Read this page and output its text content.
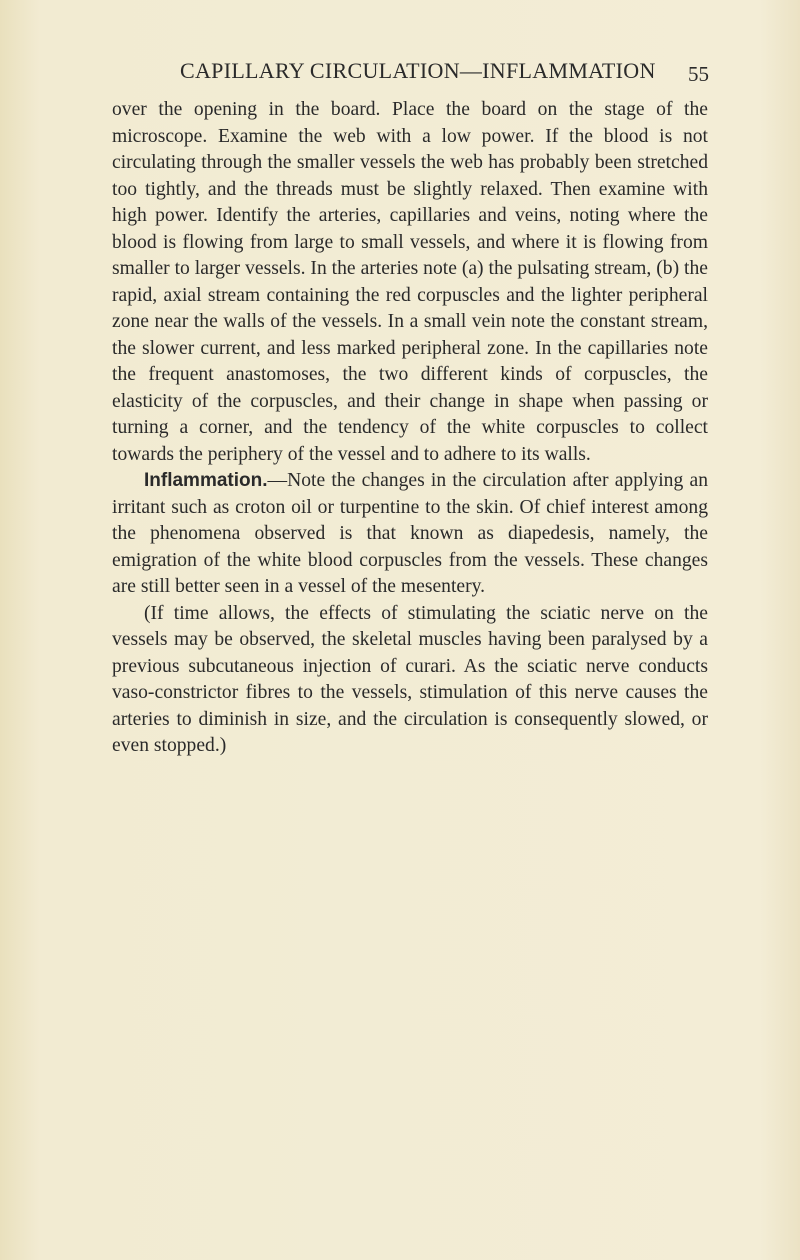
CAPILLARY CIRCULATION—INFLAMMATION 55

over the opening in the board. Place the board on the stage of the microscope. Examine the web with a low power. If the blood is not circulating through the smaller vessels the web has probably been stretched too tightly, and the threads must be slightly relaxed. Then examine with high power. Identify the arteries, capillaries and veins, noting where the blood is flowing from large to small vessels, and where it is flowing from smaller to larger vessels. In the arteries note (a) the pulsating stream, (b) the rapid, axial stream containing the red corpuscles and the lighter peripheral zone near the walls of the vessels. In a small vein note the constant stream, the slower current, and less marked peripheral zone. In the capillaries note the frequent anastomoses, the two different kinds of corpuscles, the elasticity of the corpuscles, and their change in shape when passing or turning a corner, and the tendency of the white corpuscles to collect towards the periphery of the vessel and to adhere to its walls.

Inflammation.—Note the changes in the circulation after applying an irritant such as croton oil or turpentine to the skin. Of chief interest among the phenomena observed is that known as diapedesis, namely, the emigration of the white blood corpuscles from the vessels. These changes are still better seen in a vessel of the mesentery.

(If time allows, the effects of stimulating the sciatic nerve on the vessels may be observed, the skeletal muscles having been paralysed by a previous subcutaneous injection of curari. As the sciatic nerve conducts vaso-constrictor fibres to the vessels, stimulation of this nerve causes the arteries to diminish in size, and the circulation is consequently slowed, or even stopped.)
